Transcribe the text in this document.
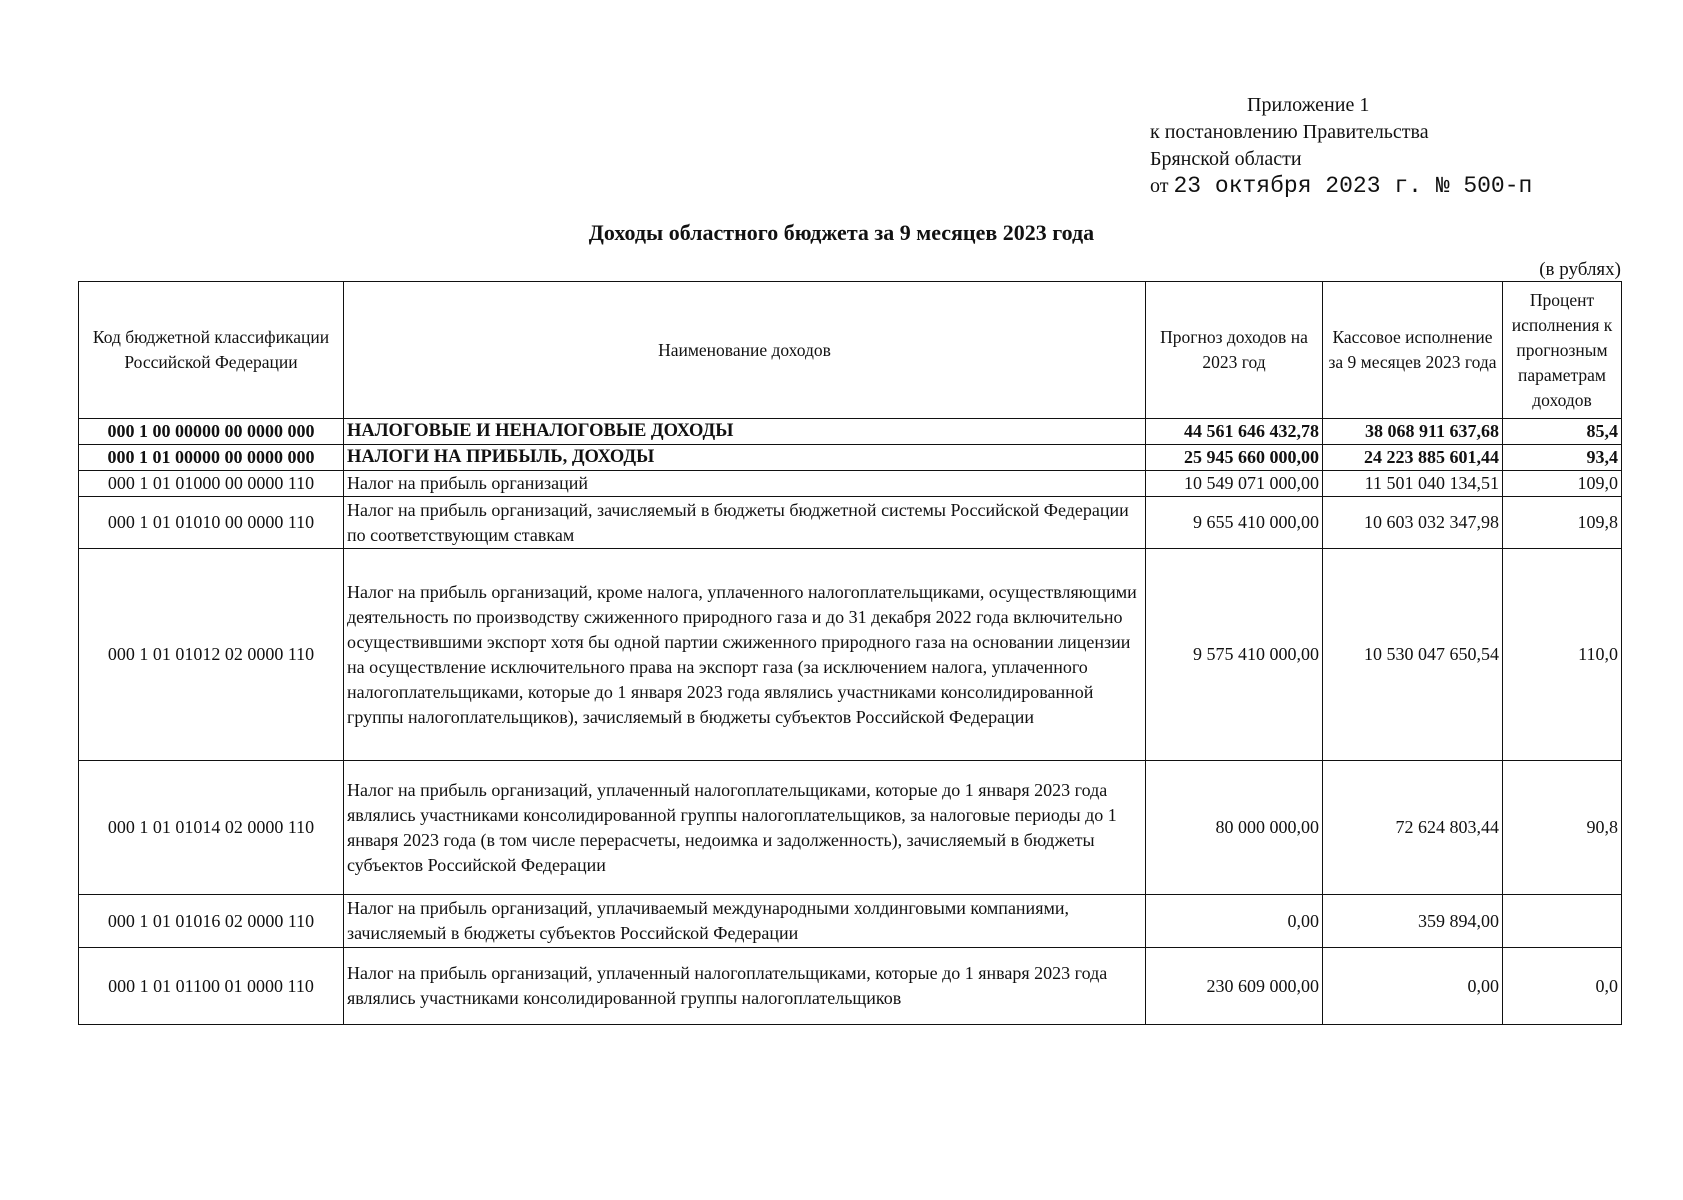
Приложение 1
к постановлению Правительства
Брянской области
от 23 октября 2023 г. № 500-п
Доходы областного бюджета за 9 месяцев 2023 года
(в рублях)
Код бюджетной классификации Российской Федерации	Наименование доходов	Прогноз доходов на 2023 год	Кассовое исполнение за 9 месяцев 2023 года	Процент исполнения к прогнозным параметрам доходов
000 1 00 00000 00 0000 000	НАЛОГОВЫЕ И НЕНАЛОГОВЫЕ ДОХОДЫ	44 561 646 432,78	38 068 911 637,68	85,4
000 1 01 00000 00 0000 000	НАЛОГИ НА ПРИБЫЛЬ, ДОХОДЫ	25 945 660 000,00	24 223 885 601,44	93,4
000 1 01 01000 00 0000 110	Налог на прибыль организаций	10 549 071 000,00	11 501 040 134,51	109,0
000 1 01 01010 00 0000 110	Налог на прибыль организаций, зачисляемый в бюджеты бюджетной системы Российской Федерации по соответствующим ставкам	9 655 410 000,00	10 603 032 347,98	109,8
000 1 01 01012 02 0000 110	Налог на прибыль организаций, кроме налога, уплаченного налогоплательщиками, осуществляющими деятельность по производству сжиженного природного газа и до 31 декабря 2022 года включительно осуществившими экспорт хотя бы одной партии сжиженного природного газа на основании лицензии на осуществление исключительного права на экспорт газа (за исключением налога, уплаченного налогоплательщиками, которые до 1 января 2023 года являлись участниками консолидированной группы налогоплательщиков), зачисляемый в бюджеты субъектов Российской Федерации	9 575 410 000,00	10 530 047 650,54	110,0
000 1 01 01014 02 0000 110	Налог на прибыль организаций, уплаченный налогоплательщиками, которые до 1 января 2023 года являлись участниками консолидированной группы налогоплательщиков, за налоговые периоды до 1 января 2023 года (в том числе перерасчеты, недоимка и задолженность), зачисляемый в бюджеты субъектов Российской Федерации	80 000 000,00	72 624 803,44	90,8
000 1 01 01016 02 0000 110	Налог на прибыль организаций, уплачиваемый международными холдинговыми компаниями, зачисляемый в бюджеты субъектов Российской Федерации	0,00	359 894,00	
000 1 01 01100 01 0000 110	Налог на прибыль организаций, уплаченный налогоплательщиками, которые до 1 января 2023 года являлись участниками консолидированной группы налогоплательщиков	230 609 000,00	0,00	0,0
